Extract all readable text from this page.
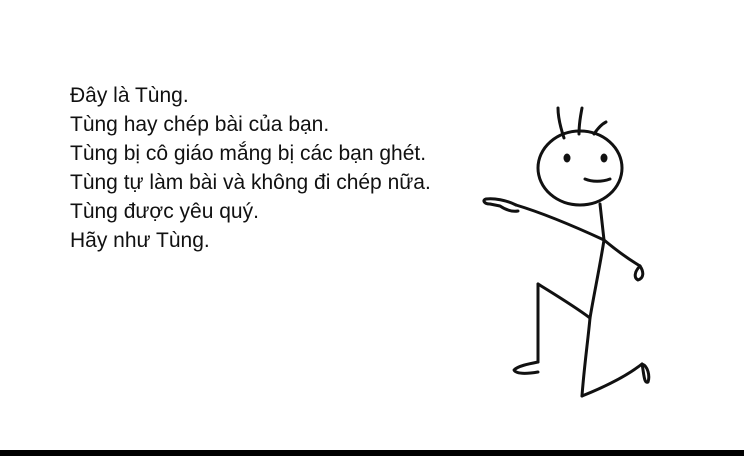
Đây là Tùng.
Tùng hay chép bài của bạn.
Tùng bị cô giáo mắng bị các bạn ghét.
Tùng tự làm bài và không đi chép nữa.
Tùng được yêu quý.
Hãy như Tùng.
